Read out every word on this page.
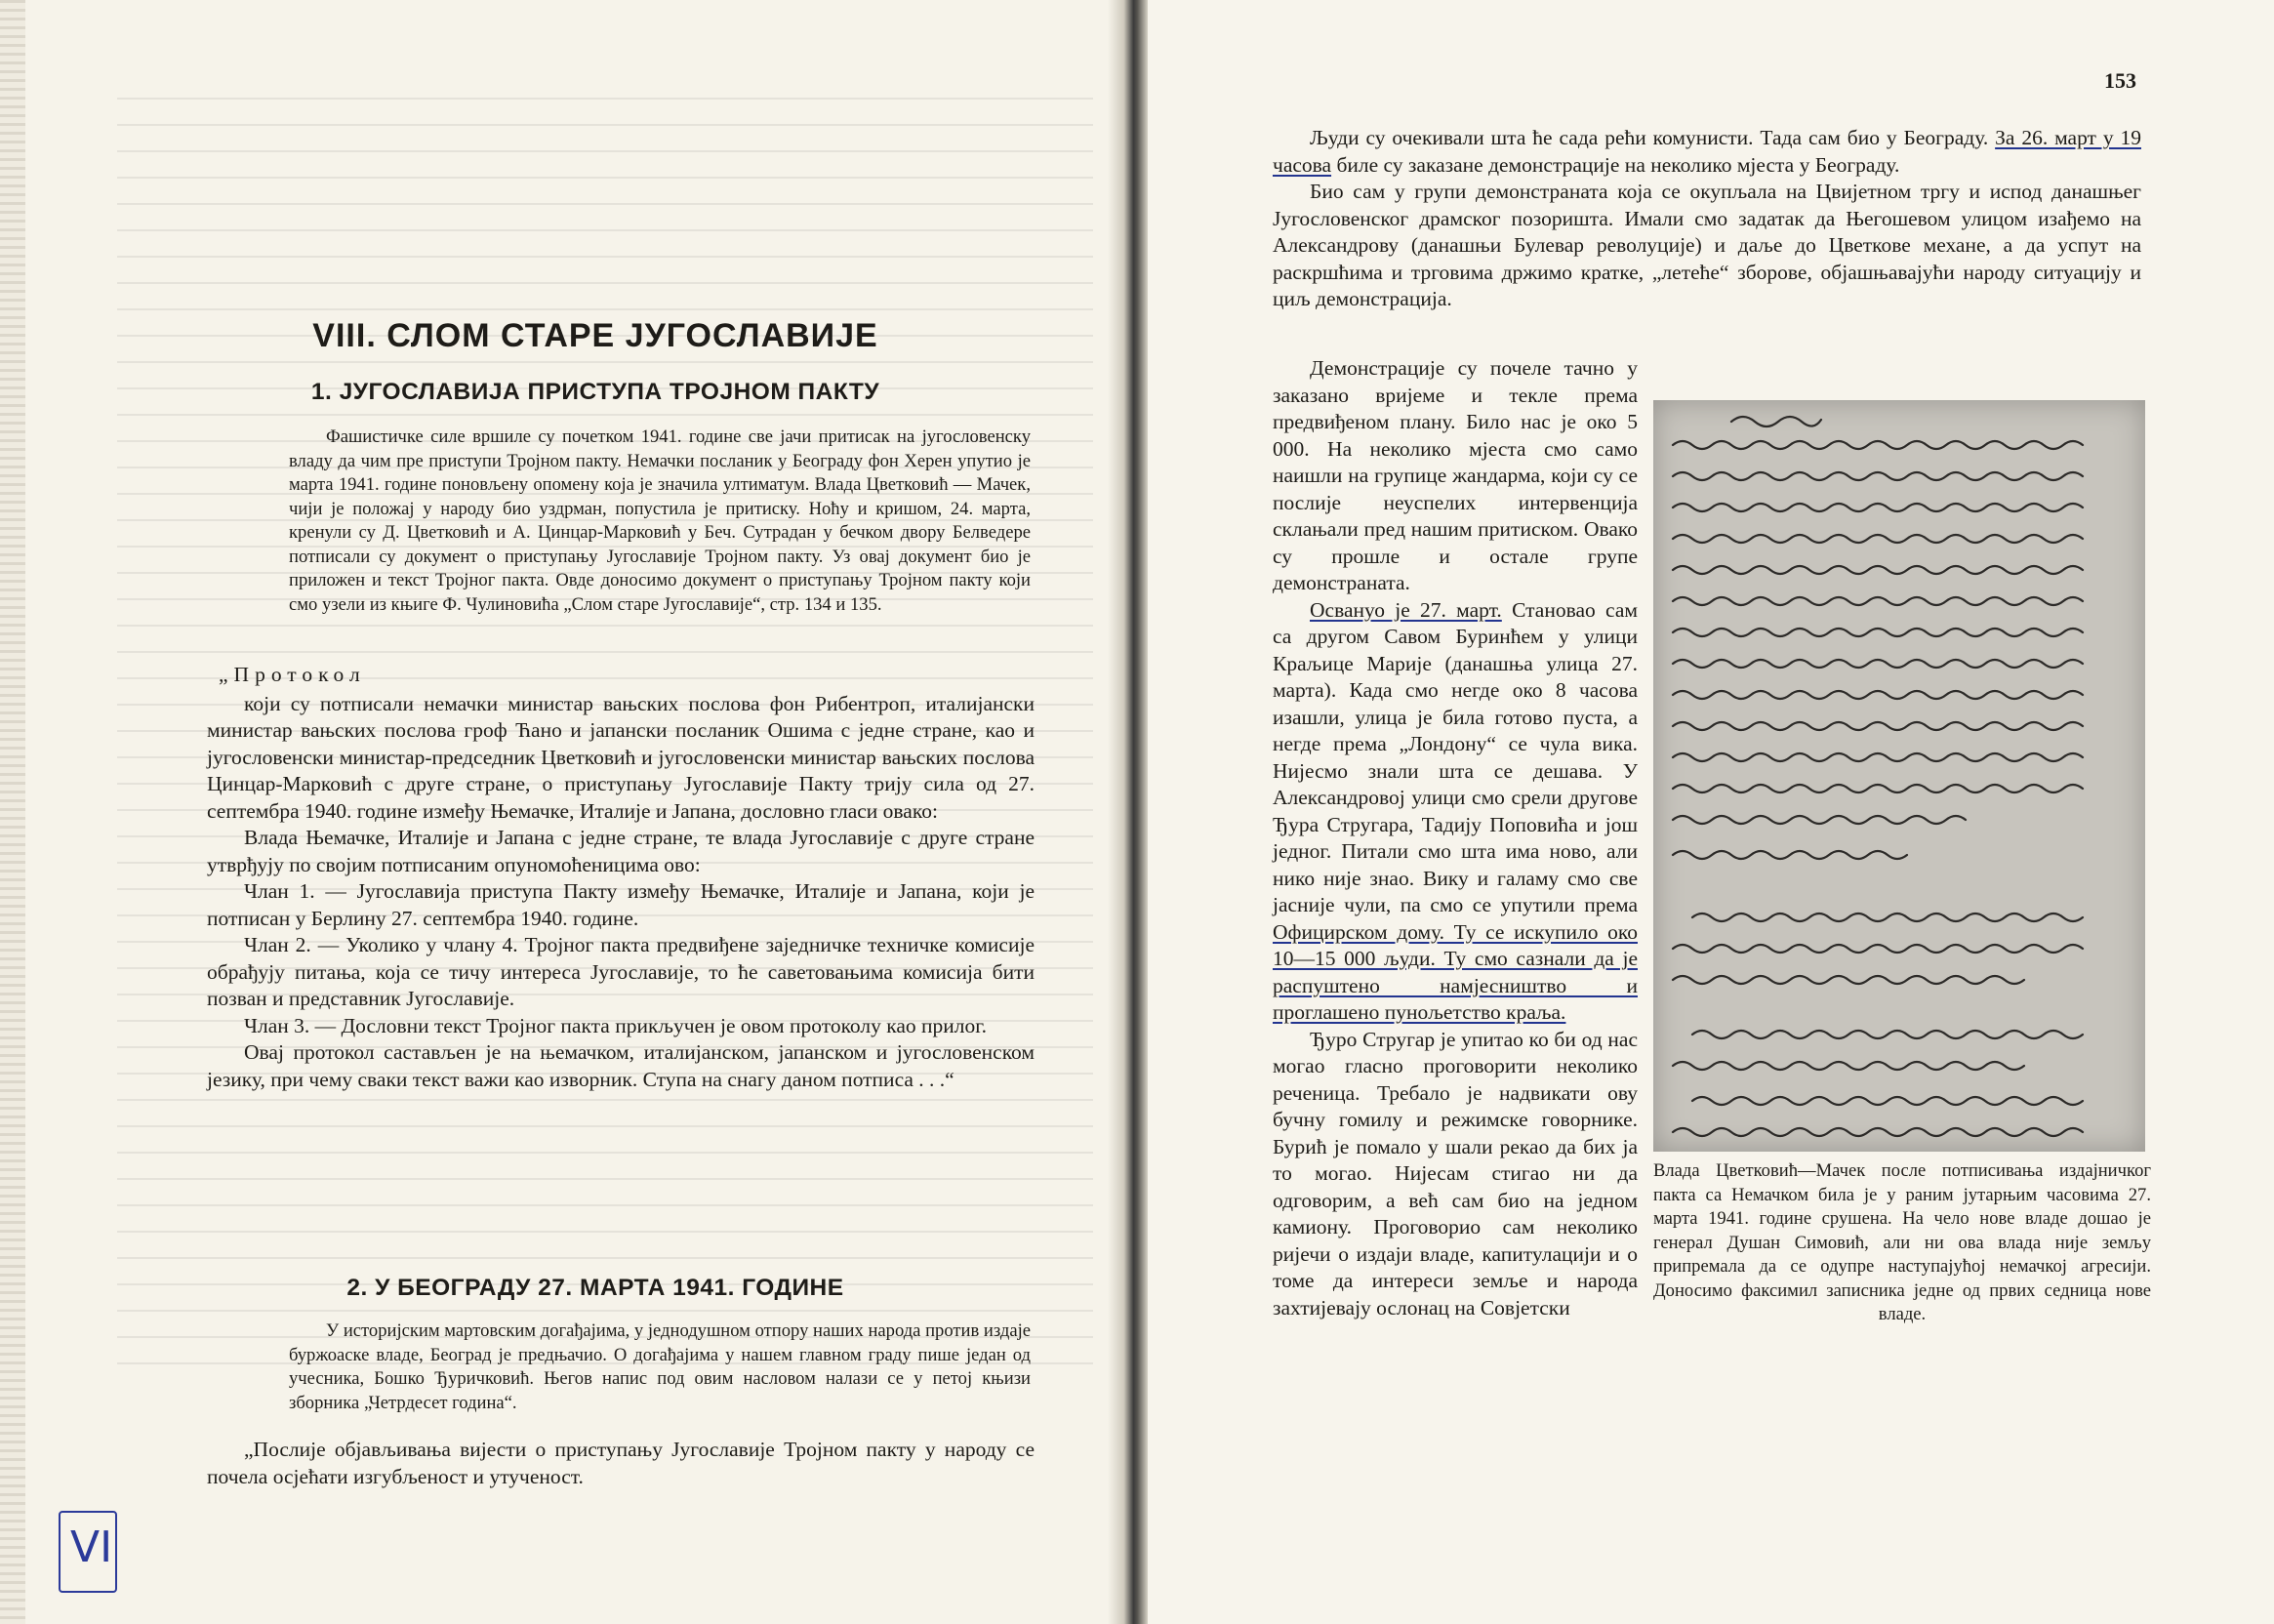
VIII. СЛОМ СТАРЕ ЈУГОСЛАВИЈЕ
1. ЈУГОСЛАВИЈА ПРИСТУПА ТРОЈНОМ ПАКТУ

Фашистичке силе вршиле су почетком 1941. године све јачи притисак на југословенску владу да чим пре приступи Тројном пакту. Немачки посланик у Београду фон Херен упутио је марта 1941. године поновљену опомену која је значила ултиматум. Влада Цветковић — Мачек, чији је положај у народу био уздрман, попустила је притиску. Ноћу и кришом, 24. марта, кренули су Д. Цветковић и А. Цинцар-Марковић у Беч. Сутрадан у бечком двору Белведере потписали су документ о приступању Југославије Тројном пакту. Уз овај документ био је приложен и текст Тројног пакта. Овде доносимо документ о приступању Тројном пакту који смо узели из књиге Ф. Чулиновића „Слом старе Југославије“, стр. 134 и 135.

„Протокол

који су потписали немачки министар вањских послова фон Рибентроп, италијански министар вањских послова гроф Ћано и јапански посланик Ошима с једне стране, као и југословенски министар-председник Цветковић и југословенски министар вањских послова Цинцар-Марковић с друге стране, о приступању Југославије Пакту трију сила од 27. септембра 1940. године између Њемачке, Италије и Јапана, дословно гласи овако:

Влада Њемачке, Италије и Јапана с једне стране, те влада Југославије с друге стране утврђују по својим потписаним опуномоћеницима ово:

Члан 1. — Југославија приступа Пакту између Њемачке, Италије и Јапана, који је потписан у Берлину 27. септембра 1940. године.

Члан 2. — Уколико у члану 4. Тројног пакта предвиђене заједничке техничке комисије обрађују питања, која се тичу интереса Југославије, то ће саветовањима комисија бити позван и представник Југославије.

Члан 3. — Дословни текст Тројног пакта прикључен је овом протоколу као прилог.

Овај протокол састављен је на њемачком, италијанском, јапанском и југословенском језику, при чему сваки текст важи као изворник. Ступа на снагу даном потписа . . .“

2. У БЕОГРАДУ 27. МАРТА 1941. ГОДИНЕ

У историјским мартовским догађајима, у једнодушном отпору наших народа против издаје буржоаске владе, Београд је предњачио. О догађајима у нашем главном граду пише један од учесника, Бошко Ђуричковић. Његов напис под овим насловом налази се у петој књизи зборника „Четрдесет година“.

„Послије објављивања вијести о приступању Југославије Тројном пакту у народу се почела осјећати изгубљеност и утученост.

VI
153

Људи су очекивали шта ће сада рећи комунисти. Тада сам био у Београду. За 26. март у 19 часова биле су заказане демонстрације на неколико мјеста у Београду.

Био сам у групи демонстраната која се окупљала на Цвијетном тргу и испод данашњег Југословенског драмског позоришта. Имали смо задатак да Његошевом улицом изађемо на Александрову (данашњи Булевар револуције) и даље до Цветкове механе, а да успут на раскршћима и трговима држимо кратке, „летеће“ зборове, објашњавајући народу ситуацију и циљ демонстрација.

Демонстрације су почеле тачно у заказано вријеме и текле према предвиђеном плану. Било нас је око 5 000. На неколико мјеста смо само наишли на групице жандарма, који су се послије неуспелих интервенција склањали пред нашим притиском. Овако су прошле и остале групе демонстраната.

Освануо је 27. март. Становао сам са другом Савом Буринћем у улици Краљице Марије (данашња улица 27. марта). Када смо негде око 8 часова изашли, улица је била готово пуста, а негде према „Лондону“ се чула вика. Нијесмо знали шта се дешава. У Александровој улици смо срели другове Ђура Стругара, Тадију Поповића и још једног. Питали смо шта има ново, али нико није знао. Вику и галаму смо све јасније чули, па смо се упутили према Официрском дому. Ту се искупило око 10—15 000 људи. Ту смо сазнали да је распуштено намјесништво и проглашено пунољетство краља.

Ђуро Стругар је упитао ко би од нас могао гласно проговорити неколико реченица. Требало је надвикати ову бучну гомилу и режимске говорнике. Бурић је помало у шали рекао да бих ја то могао. Нијесам стигао ни да одговорим, а већ сам био на једном камиону. Проговорио сам неколико ријечи о издаји владе, капитулацији и о томе да интереси земље и народа захтијевају ослонац на Совјетски

Влада Цветковић—Мачек после потписивања издајничког пакта са Немачком била је у раним јутарњим часовима 27. марта 1941. године срушена. На чело нове владе дошао је генерал Душан Симовић, али ни ова влада није земљу припремала да се одупре наступајућој немачкој агресији. Доносимо факсимил записника једне од првих седница нове владе.
